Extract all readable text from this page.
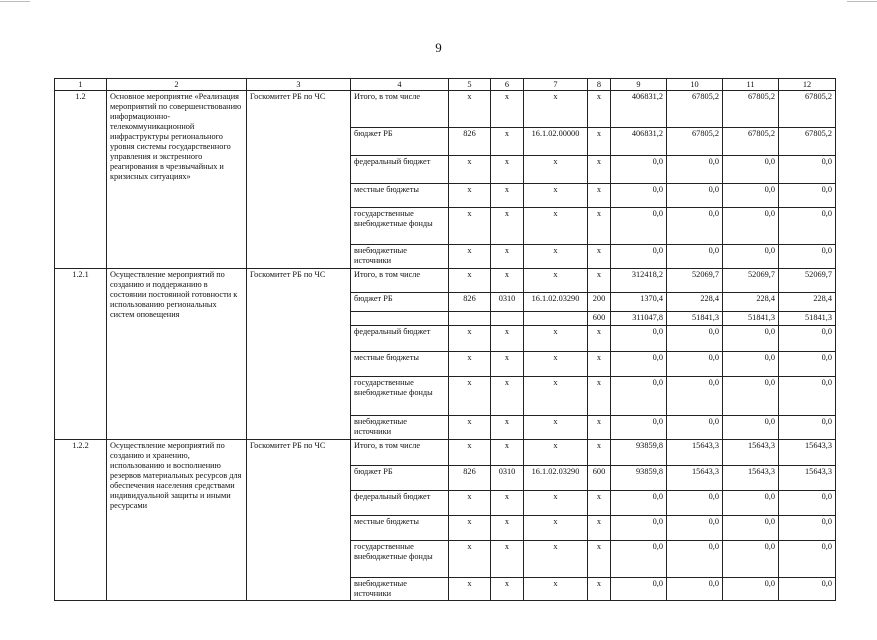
9
1	2	3	4	5	6	7	8	9	10	11	12
1.2	Основное мероприятие «Реализация мероприятий по совершенствованию информационно-телекоммуникационной инфраструктуры регионального уровня системы государственного управления и экстренного реагирования в чрезвычайных и кризисных ситуациях»	Госкомитет РБ по ЧС	Итого, в том числе	х	х	х	х	406831,2	67805,2	67805,2	67805,2
			бюджет РБ	826	х	16.1.02.00000	х	406831,2	67805,2	67805,2	67805,2
			федеральный бюджет	х	х	х	х	0,0	0,0	0,0	0,0
			местные бюджеты	х	х	х	х	0,0	0,0	0,0	0,0
			государственные внебюджетные фонды	х	х	х	х	0,0	0,0	0,0	0,0
			внебюджетные источники	х	х	х	х	0,0	0,0	0,0	0,0
1.2.1	Осуществление мероприятий по созданию и поддержанию в состоянии постоянной готовности к использованию региональных систем оповещения	Госкомитет РБ по ЧС	Итого, в том числе	х	х	х	х	312418,2	52069,7	52069,7	52069,7
			бюджет РБ	826	0310	16.1.02.03290	200	1370,4	228,4	228,4	228,4
							600	311047,8	51841,3	51841,3	51841,3
			федеральный бюджет	х	х	х	х	0,0	0,0	0,0	0,0
			местные бюджеты	х	х	х	х	0,0	0,0	0,0	0,0
			государственные внебюджетные фонды	х	х	х	х	0,0	0,0	0,0	0,0
			внебюджетные источники	х	х	х	х	0,0	0,0	0,0	0,0
1.2.2	Осуществление мероприятий по созданию и хранению, использованию и восполнению резервов материальных ресурсов для обеспечения населения средствами индивидуальной защиты и иными ресурсами	Госкомитет РБ по ЧС	Итого, в том числе	х	х	х	х	93859,8	15643,3	15643,3	15643,3
			бюджет РБ	826	0310	16.1.02.03290	600	93859,8	15643,3	15643,3	15643,3
			федеральный бюджет	х	х	х	х	0,0	0,0	0,0	0,0
			местные бюджеты	х	х	х	х	0,0	0,0	0,0	0,0
			государственные внебюджетные фонды	х	х	х	х	0,0	0,0	0,0	0,0
			внебюджетные источники	х	х	х	х	0,0	0,0	0,0	0,0
